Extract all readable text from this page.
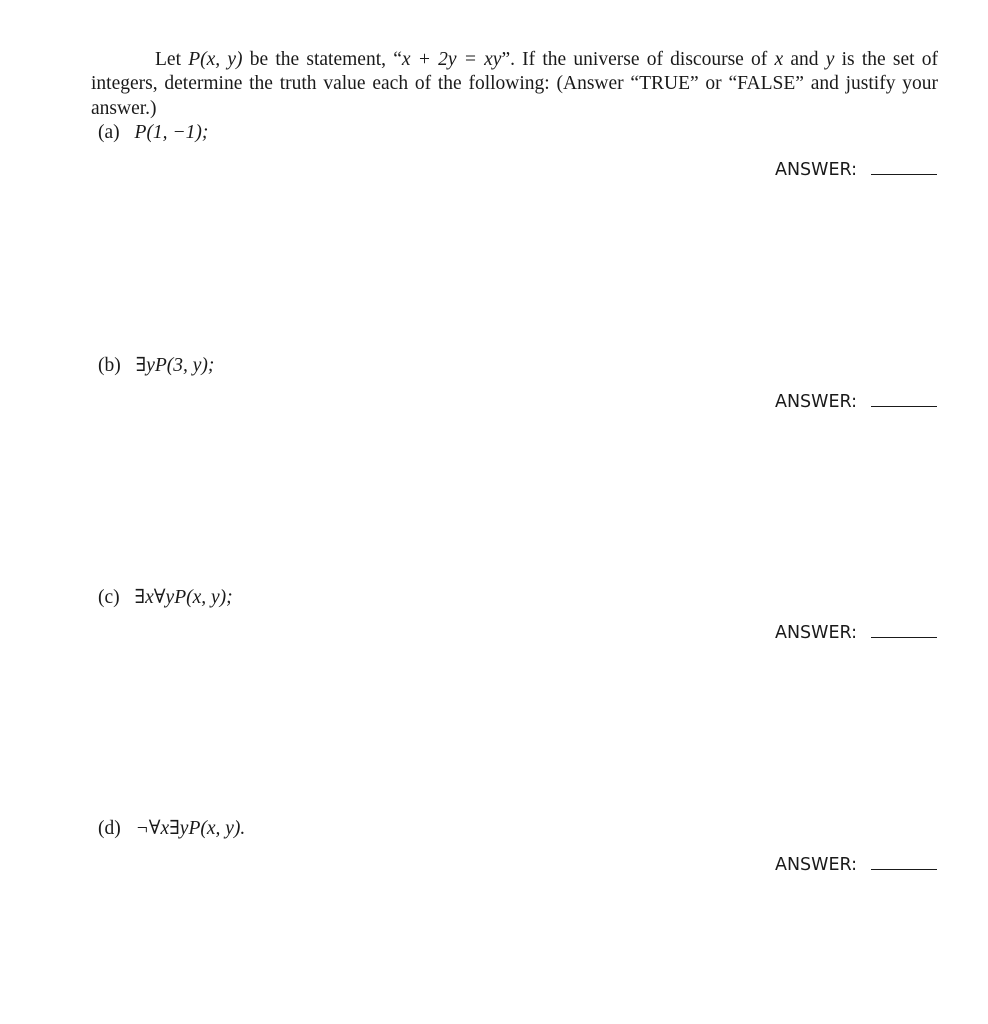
Let P(x, y) be the statement, “x + 2y = xy”. If the universe of discourse of x and y is the set of integers, determine the truth value each of the following: (Answer “TRUE” or “FALSE” and justify your answer.)

(a) P(1, −1);
ANSWER:
(b) ∃yP(3, y);
ANSWER:
(c) ∃x∀yP(x, y);
ANSWER:
(d) ¬∀x∃yP(x, y).
ANSWER:
